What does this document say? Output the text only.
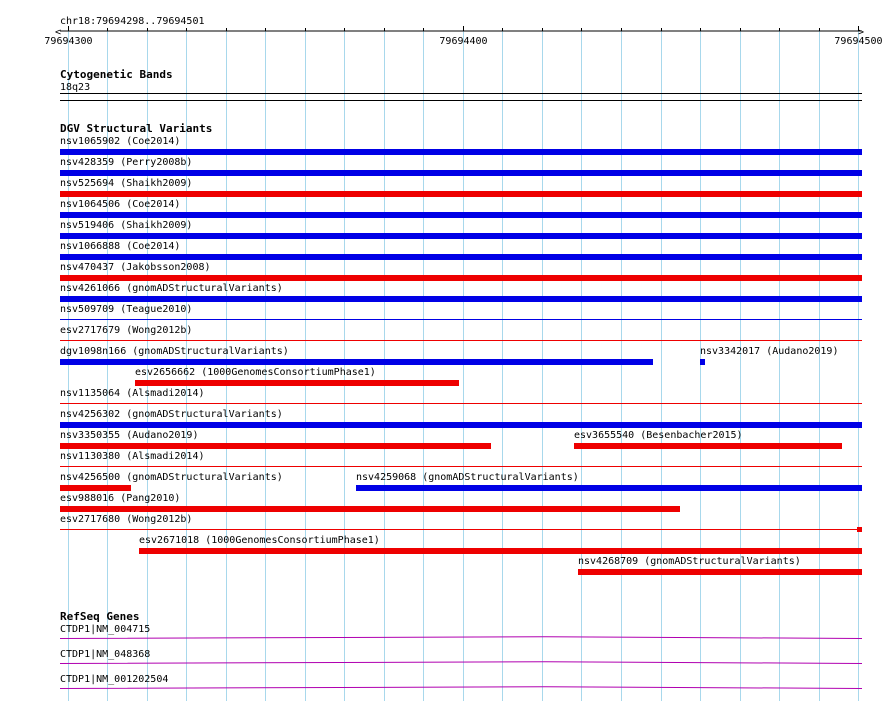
chr18:79694298..79694501
<	>
79694300	79694400	79694500
Cytogenetic Bands
18q23
DGV Structural Variants
nsv1065902 (Coe2014)
nsv428359 (Perry2008b)
nsv525694 (Shaikh2009)
nsv1064506 (Coe2014)
nsv519406 (Shaikh2009)
nsv1066888 (Coe2014)
nsv470437 (Jakobsson2008)
nsv4261066 (gnomADStructuralVariants)
nsv509709 (Teague2010)
esv2717679 (Wong2012b)
dgv1098n166 (gnomADStructuralVariants)	nsv3342017 (Audano2019)
esv2656662 (1000GenomesConsortiumPhase1)
nsv1135064 (Alsmadi2014)
nsv4256302 (gnomADStructuralVariants)
nsv3350355 (Audano2019)	esv3655540 (Besenbacher2015)
nsv1130380 (Alsmadi2014)
nsv4256500 (gnomADStructuralVariants)	nsv4259068 (gnomADStructuralVariants)
esv988016 (Pang2010)
esv2717680 (Wong2012b)
esv2671018 (1000GenomesConsortiumPhase1)
nsv4268709 (gnomADStructuralVariants)
RefSeq Genes
CTDP1|NM_004715
CTDP1|NM_048368
CTDP1|NM_001202504
